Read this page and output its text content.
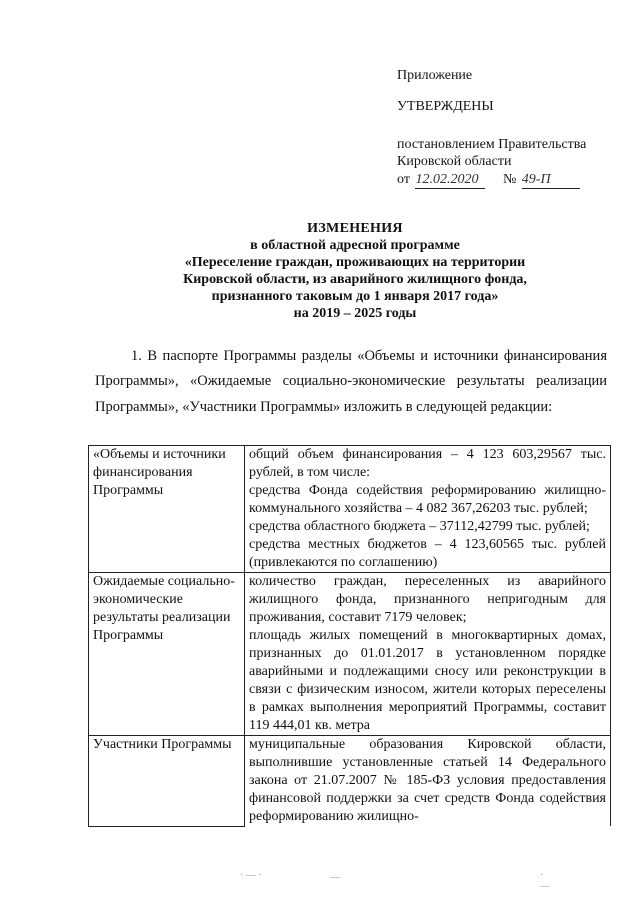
Приложение
УТВЕРЖДЕНЫ
постановлением Правительства
Кировской области
от 12.02.2020 № 49-П
ИЗМЕНЕНИЯ
в областной адресной программе
«Переселение граждан, проживающих на территории
Кировской области, из аварийного жилищного фонда,
признанного таковым до 1 января 2017 года»
на 2019 – 2025 годы
1. В паспорте Программы разделы «Объемы и источники финансирования Программы», «Ожидаемые социально-экономические результаты реализации Программы», «Участники Программы» изложить в следующей редакции:
«Объемы и источники финансирования Программы	общий объем финансирования – 4 123 603,29567 тыс. рублей, в том числе:
средства Фонда содействия реформированию жилищно-коммунального хозяйства – 4 082 367,26203 тыс. рублей;
средства областного бюджета – 37112,42799 тыс. рублей;
средства местных бюджетов – 4 123,60565 тыс. рублей (привлекаются по соглашению)

Ожидаемые социально-экономические результаты реализации Программы	количество граждан, переселенных из аварийного жилищного фонда, признанного непригодным для проживания, составит 7179 человек;
площадь жилых помещений в многоквартирных домах, признанных до 01.01.2017 в установленном порядке аварийными и подлежащими сносу или реконструкции в связи с физическим износом, жители которых переселены в рамках выполнения мероприятий Программы, составит 119 444,01 кв. метра

Участники Программы	муниципальные образования Кировской области, выполнившие установленные статьей 14 Федерального закона от 21.07.2007 № 185-ФЗ условия предоставления финансовой поддержки за счет средств Фонда содействия реформированию жилищно-
· — ·	—	· —
